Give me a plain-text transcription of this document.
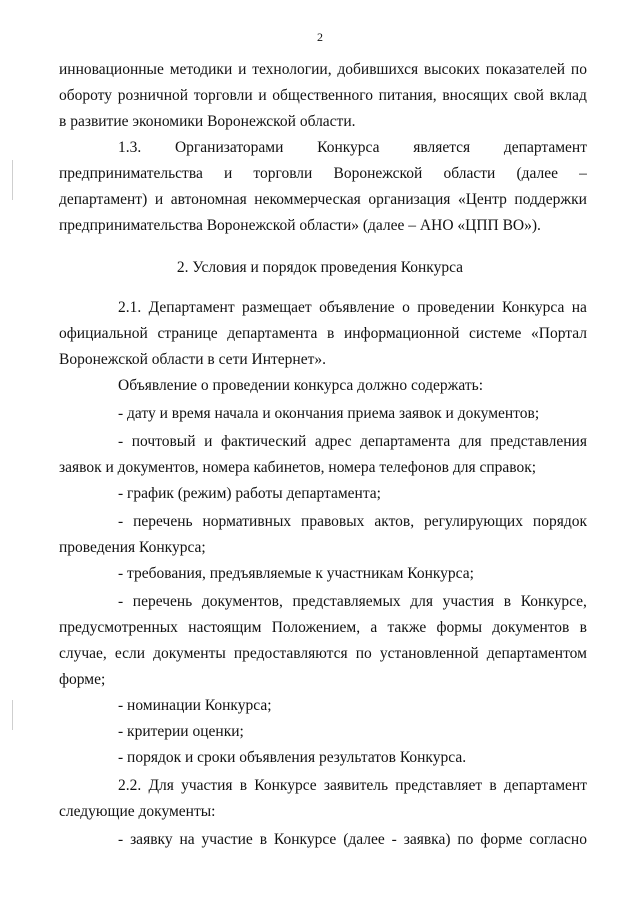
2
инновационные методики и технологии, добившихся высоких показателей по
обороту розничной торговли и общественного питания, вносящих свой вклад
в развитие экономики Воронежской области.
1.3. Организаторами Конкурса является департамент
предпринимательства и торговли Воронежской области (далее –
департамент) и автономная некоммерческая организация «Центр поддержки
предпринимательства Воронежской области» (далее – АНО «ЦПП ВО»).
2. Условия и порядок проведения Конкурса
2.1. Департамент размещает объявление о проведении Конкурса на
официальной странице департамента в информационной системе «Портал
Воронежской области в сети Интернет».
Объявление о проведении конкурса должно содержать:
- дату и время начала и окончания приема заявок и документов;
- почтовый и фактический адрес департамента для представления
заявок и документов, номера кабинетов, номера телефонов для справок;
- график (режим) работы департамента;
- перечень нормативных правовых актов, регулирующих порядок
проведения Конкурса;
- требования, предъявляемые к участникам Конкурса;
- перечень документов, представляемых для участия в Конкурсе,
предусмотренных настоящим Положением, а также формы документов в
случае, если документы предоставляются по установленной департаментом
форме;
- номинации Конкурса;
- критерии оценки;
- порядок и сроки объявления результатов Конкурса.
2.2. Для участия в Конкурсе заявитель представляет в департамент
следующие документы:
- заявку на участие в Конкурсе (далее - заявка) по форме согласно
